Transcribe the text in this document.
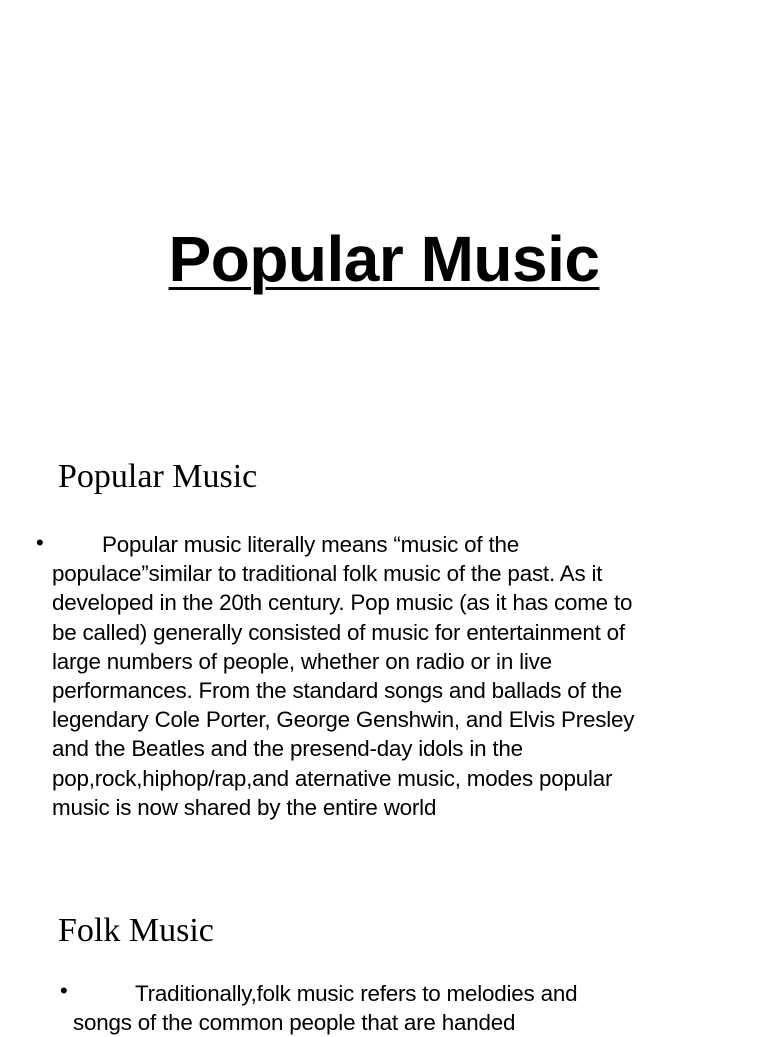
Popular Music
Popular Music
•	Popular music literally means “music of the
populace”similar to traditional folk music of the past. As it
developed in the 20th century. Pop music (as it has come to
be called) generally consisted of music for entertainment of
large numbers of people, whether on radio or in live
performances. From the standard songs and ballads of the
legendary Cole Porter, George Genshwin, and Elvis Presley
and the Beatles and the presend-day idols in the
pop,rock,hiphop/rap,and aternative music, modes popular
music is now shared by the entire world

Folk Music
•	Traditionally,folk music refers to melodies and
songs of the common people that are handed
